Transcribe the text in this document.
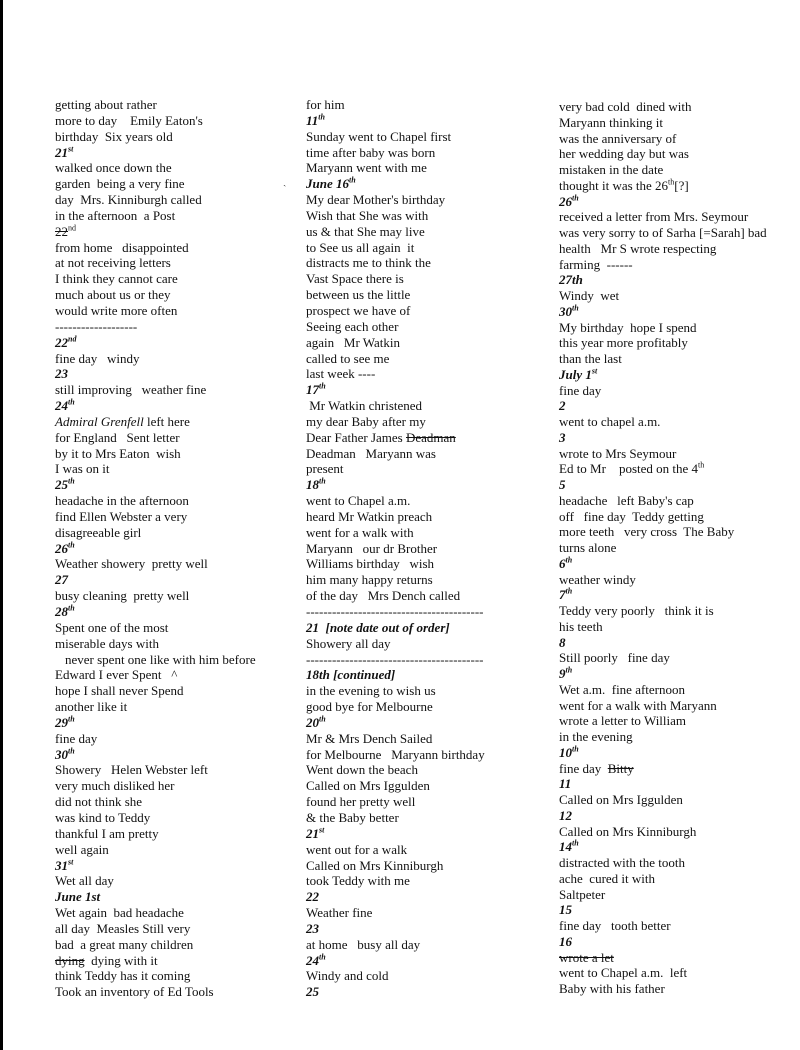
getting about rather
more to day    Emily Eaton's
birthday  Six years old
21st
walked once down the
garden  being a very fine
day  Mrs. Kinniburgh called
in the afternoon  a Post
22nd
from home   disappointed
at not receiving letters
I think they cannot care
much about us or they
would write more often
-------------------
22nd
fine day   windy
23
still improving   weather fine
24th
Admiral Grenfell left here
for England   Sent letter
by it to Mrs Eaton  wish
I was on it
25th
headache in the afternoon
find Ellen Webster a very
disagreeable girl
26th
Weather showery  pretty well
27
busy cleaning  pretty well
28th
Spent one of the most
miserable days with
never spent one like with him before
Edward I ever Spent   ^
hope I shall never Spend
another like it
29th
fine day
30th
Showery   Helen Webster left
very much disliked her
did not think she
was kind to Teddy
thankful I am pretty
well again
31st
Wet all day
June 1st
Wet again  bad headache
all day  Measles Still very
bad  a great many children
dying  dying with it
think Teddy has it coming
Took an inventory of Ed Tools
for him
11th
Sunday went to Chapel first
time after baby was born
Maryann went with me
June 16th
My dear Mother's birthday
Wish that She was with
us & that She may live
to See us all again  it
distracts me to think the
Vast Space there is
between us the little
prospect we have of
Seeing each other
again   Mr Watkin
called to see me
last week ----
17th
Mr Watkin christened
my dear Baby after my
Dear Father James Deadman
Deadman   Maryann was
present
18th
went to Chapel a.m.
heard Mr Watkin preach
went for a walk with
Maryann   our dr Brother
Williams birthday   wish
him many happy returns
of the day   Mrs Dench called
-----------------------------------------
21  [note date out of order]
Showery all day
-----------------------------------------
18th [continued]
in the evening to wish us
good bye for Melbourne
20th
Mr & Mrs Dench Sailed
for Melbourne   Maryann birthday
Went down the beach
Called on Mrs Iggulden
found her pretty well
& the Baby better
21st
went out for a walk
Called on Mrs Kinniburgh
took Teddy with me
22
Weather fine
23
at home   busy all day
24th
Windy and cold
25
very bad cold  dined with
Maryann thinking it
was the anniversary of
her wedding day but was
mistaken in the date
thought it was the 26th[?]
26th
received a letter from Mrs. Seymour
was very sorry to of Sarha [=Sarah] bad
health   Mr S wrote respecting
farming  ------
27th
Windy  wet
30th
My birthday  hope I spend
this year more profitably
than the last
July 1st
fine day
2
went to chapel a.m.
3
wrote to Mrs Seymour
Ed to Mr    posted on the 4th
5
headache   left Baby's cap
off   fine day  Teddy getting
more teeth   very cross  The Baby
turns alone
6th
weather windy
7th
Teddy very poorly   think it is
his teeth
8
Still poorly   fine day
9th
Wet a.m.  fine afternoon
went for a walk with Maryann
wrote a letter to William
in the evening
10th
fine day  Bitty
11
Called on Mrs Iggulden
12
Called on Mrs Kinniburgh
14th
distracted with the tooth
ache  cured it with
Saltpeter
15
fine day   tooth better
16
wrote a let
went to Chapel a.m.  left
Baby with his father
ˎ
